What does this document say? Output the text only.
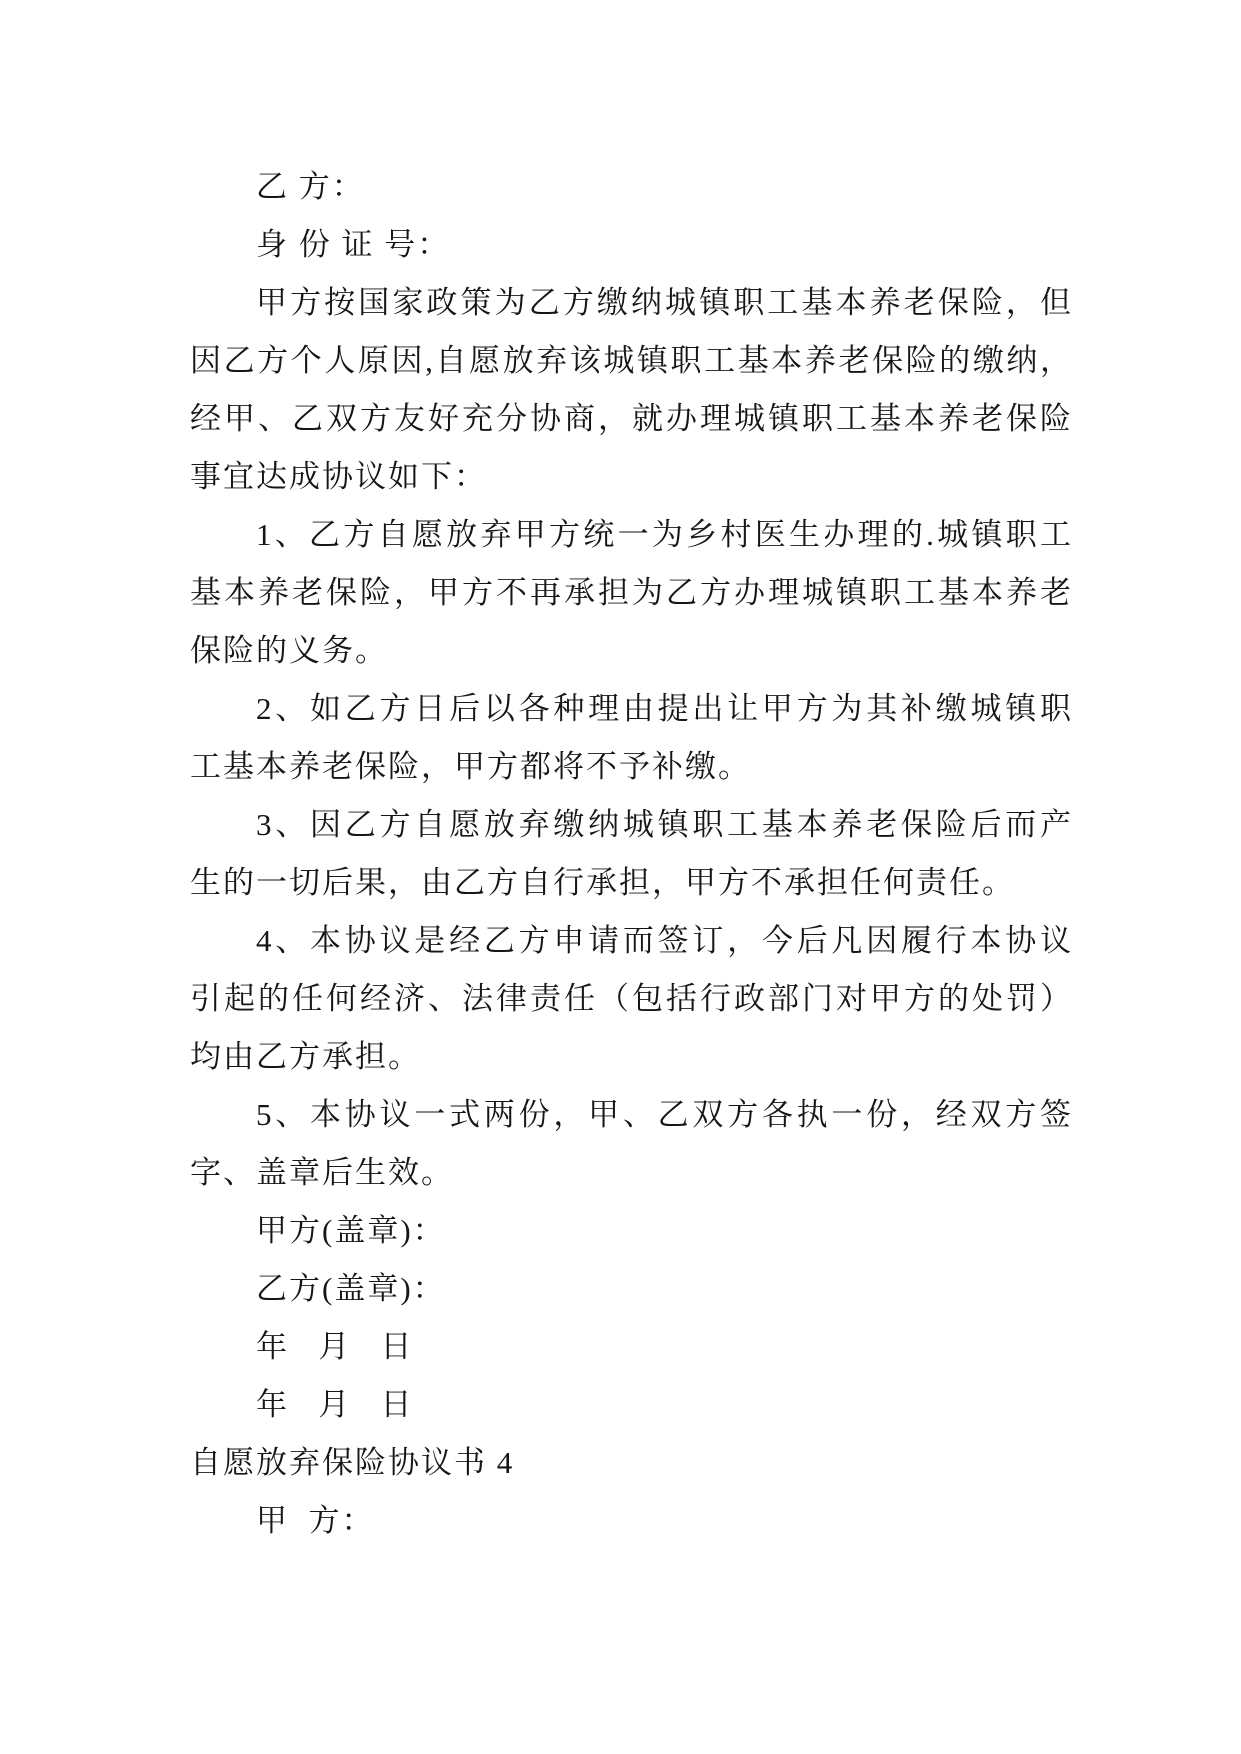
乙 方：
身 份 证 号：
甲方按国家政策为乙方缴纳城镇职工基本养老保险，但
因乙方个人原因,自愿放弃该城镇职工基本养老保险的缴纳，
经甲、乙双方友好充分协商，就办理城镇职工基本养老保险
事宜达成协议如下：
1、乙方自愿放弃甲方统一为乡村医生办理的.城镇职工
基本养老保险，甲方不再承担为乙方办理城镇职工基本养老
保险的义务。
2、如乙方日后以各种理由提出让甲方为其补缴城镇职
工基本养老保险，甲方都将不予补缴。
3、因乙方自愿放弃缴纳城镇职工基本养老保险后而产
生的一切后果，由乙方自行承担，甲方不承担任何责任。
4、本协议是经乙方申请而签订，今后凡因履行本协议
引起的任何经济、法律责任（包括行政部门对甲方的处罚）
均由乙方承担。
5、本协议一式两份，甲、乙双方各执一份，经双方签
字、盖章后生效。
甲方(盖章)：
乙方(盖章)：
年   月   日
年   月   日
自愿放弃保险协议书 4
甲  方：
